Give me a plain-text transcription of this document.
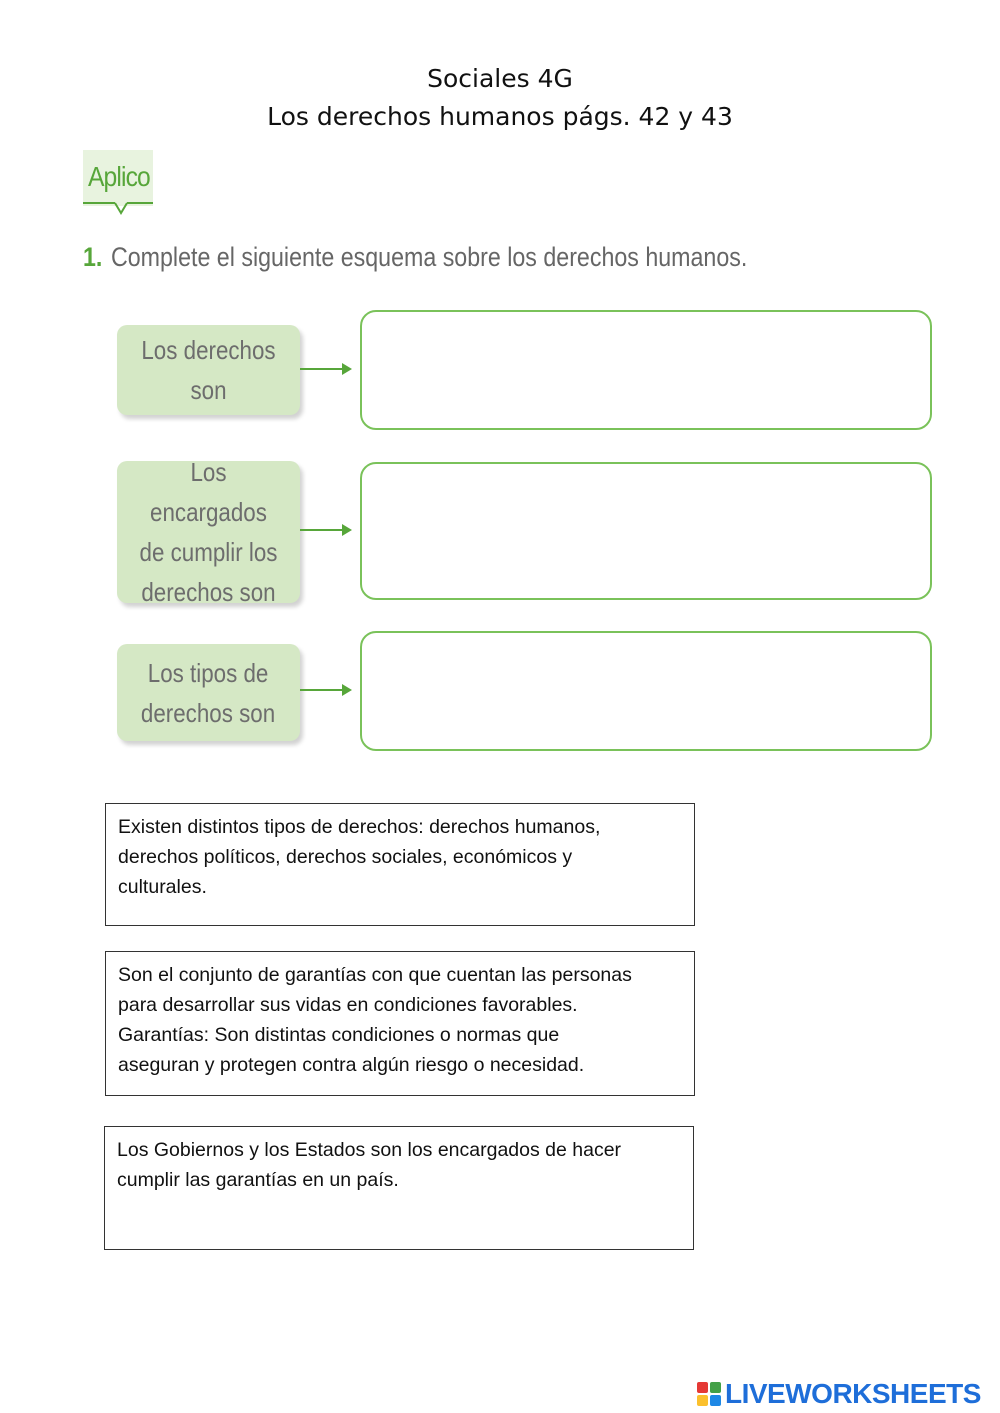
Sociales 4G
Los derechos humanos págs. 42 y 43
Aplico
1. Complete el siguiente esquema sobre los derechos humanos.
Los derechos son
Los encargados
de cumplir los
derechos son
Los tipos de
derechos son
Existen distintos tipos de derechos: derechos humanos,
derechos políticos, derechos sociales, económicos y
culturales.
Son el conjunto de garantías con que cuentan las personas
para desarrollar sus vidas en condiciones favorables.
Garantías: Son distintas condiciones o normas que
aseguran y protegen contra algún riesgo o necesidad.
Los Gobiernos y los Estados son los encargados de hacer
cumplir las garantías en un país.
LIVEWORKSHEETS
